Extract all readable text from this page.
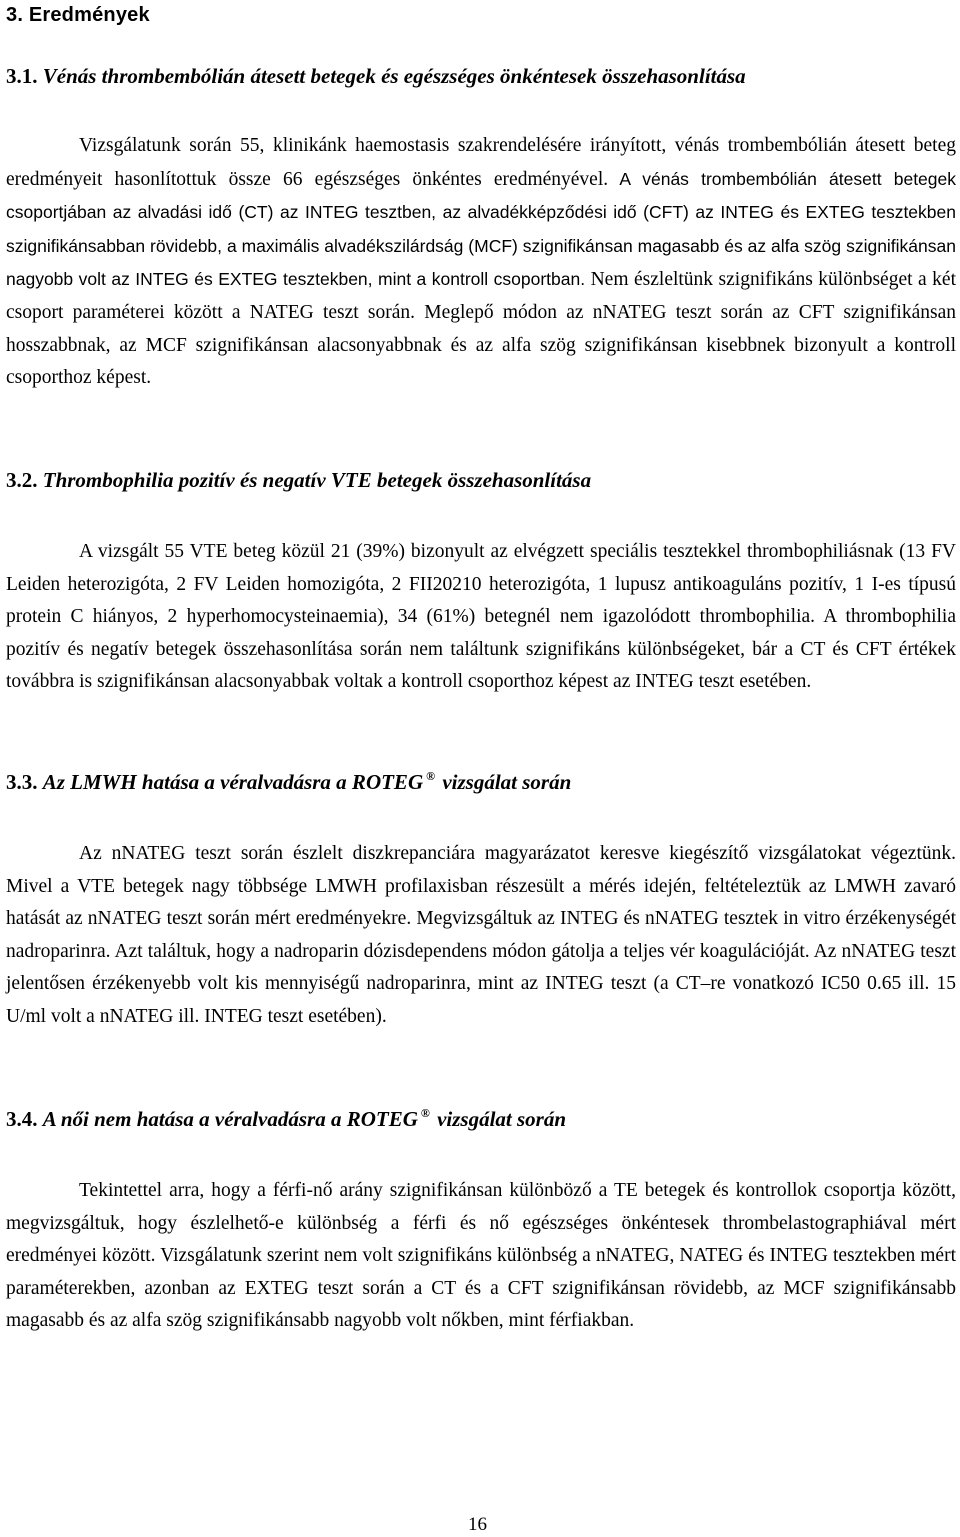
3. Eredmények
3.1. Vénás thrombembólián átesett betegek és egészséges önkéntesek összehasonlítása

Vizsgálatunk során 55, klinikánk haemostasis szakrendelésére irányított, vénás trombembólián átesett beteg eredményeit hasonlítottuk össze 66 egészséges önkéntes eredményével. A vénás trombembólián átesett betegek csoportjában az alvadási idő (CT) az INTEG tesztben, az alvadékképződési idő (CFT) az INTEG és EXTEG tesztekben szignifikánsabban rövidebb, a maximális alvadékszilárdság (MCF) szignifikánsan magasabb és az alfa szög szignifikánsan nagyobb volt az INTEG és EXTEG tesztekben, mint a kontroll csoportban. Nem észleltünk szignifikáns különbséget a két csoport paraméterei között a NATEG teszt során. Meglepő módon az nNATEG teszt során az CFT szignifikánsan hosszabbnak, az MCF szignifikánsan alacsonyabbnak és az alfa szög szignifikánsan kisebbnek bizonyult a kontroll csoporthoz képest.

3.2. Thrombophilia pozitív és negatív VTE betegek összehasonlítása

A vizsgált 55 VTE beteg közül 21 (39%) bizonyult az elvégzett speciális tesztekkel thrombophiliásnak (13 FV Leiden heterozigóta, 2 FV Leiden homozigóta, 2 FII20210 heterozigóta, 1 lupusz antikoaguláns pozitív, 1 I-es típusú protein C hiányos, 2 hyperhomocysteinaemia), 34 (61%) betegnél nem igazolódott thrombophilia. A thrombophilia pozitív és negatív betegek összehasonlítása során nem találtunk szignifikáns különbségeket, bár a CT és CFT értékek továbbra is szignifikánsan alacsonyabbak voltak a kontroll csoporthoz képest az INTEG teszt esetében.

3.3. Az LMWH hatása a véralvadásra a ROTEG ® vizsgálat során

Az nNATEG teszt során észlelt diszkrepanciára magyarázatot keresve kiegészítő vizsgálatokat végeztünk. Mivel a VTE betegek nagy többsége LMWH profilaxisban részesült a mérés idején, feltételeztük az LMWH zavaró hatását az nNATEG teszt során mért eredményekre. Megvizsgáltuk az INTEG és nNATEG tesztek in vitro érzékenységét nadroparinra. Azt találtuk, hogy a nadroparin dózisdependens módon gátolja a teljes vér koagulációját. Az nNATEG teszt jelentősen érzékenyebb volt kis mennyiségű nadroparinra, mint az INTEG teszt (a CT–re vonatkozó IC50 0.65 ill. 15 U/ml volt a nNATEG ill. INTEG teszt esetében).

3.4. A női nem hatása a véralvadásra a ROTEG ® vizsgálat során

Tekintettel arra, hogy a férfi-nő arány szignifikánsan különböző a TE betegek és kontrollok csoportja között, megvizsgáltuk, hogy észlelhető-e különbség a férfi és nő egészséges önkéntesek thrombelastographiával mért eredményei között. Vizsgálatunk szerint nem volt szignifikáns különbség a nNATEG, NATEG és INTEG tesztekben mért paraméterekben, azonban az EXTEG teszt során a CT és a CFT szignifikánsan rövidebb, az MCF szignifikánsabb magasabb és az alfa szög szignifikánsabb nagyobb volt nőkben, mint férfiakban.

16
